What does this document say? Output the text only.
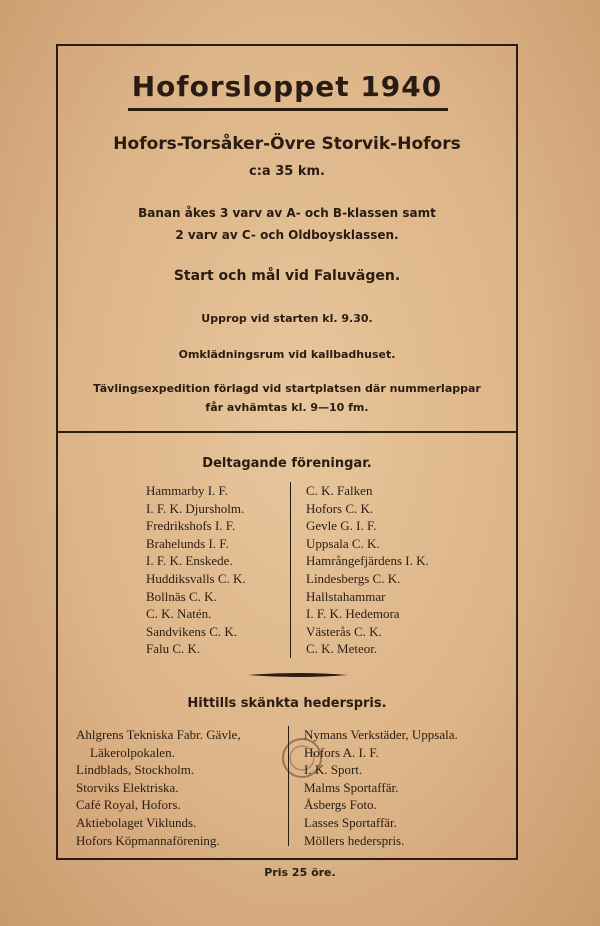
Hoforsloppet 1940
Hofors-Torsåker-Övre Storvik-Hofors
c:a 35 km.
Banan åkes 3 varv av A- och B-klassen samt
2 varv av C- och Oldboysklassen.
Start och mål vid Faluvägen.
Upprop vid starten kl. 9.30.
Omklädningsrum vid kallbadhuset.
Tävlingsexpedition förlagd vid startplatsen där nummerlappar
får avhämtas kl. 9—10 fm.
Deltagande föreningar.
Hammarby I. F.
I. F. K. Djursholm.
Fredrikshofs I. F.
Brahelunds I. F.
I. F. K. Enskede.
Huddiksvalls C. K.
Bollnäs C. K.
C. K. Natén.
Sandvikens C. K.
Falu C. K.
C. K. Falken
Hofors C. K.
Gevle G. I. F.
Uppsala C. K.
Hamrångefjärdens I. K.
Lindesbergs C. K.
Hallstahammar
I. F. K. Hedemora
Västerås C. K.
C. K. Meteor.
Hittills skänkta hederspris.
Ahlgrens Tekniska Fabr. Gävle,
Läkerolpokalen.
Lindblads, Stockholm.
Storviks Elektriska.
Café Royal, Hofors.
Aktiebolaget Viklunds.
Hofors Köpmannaförening.
Nymans Verkstäder, Uppsala.
Hofors A. I. F.
I. K. Sport.
Malms Sportaffär.
Åsbergs Foto.
Lasses Sportaffär.
Möllers hederspris.
Pris 25 öre.
